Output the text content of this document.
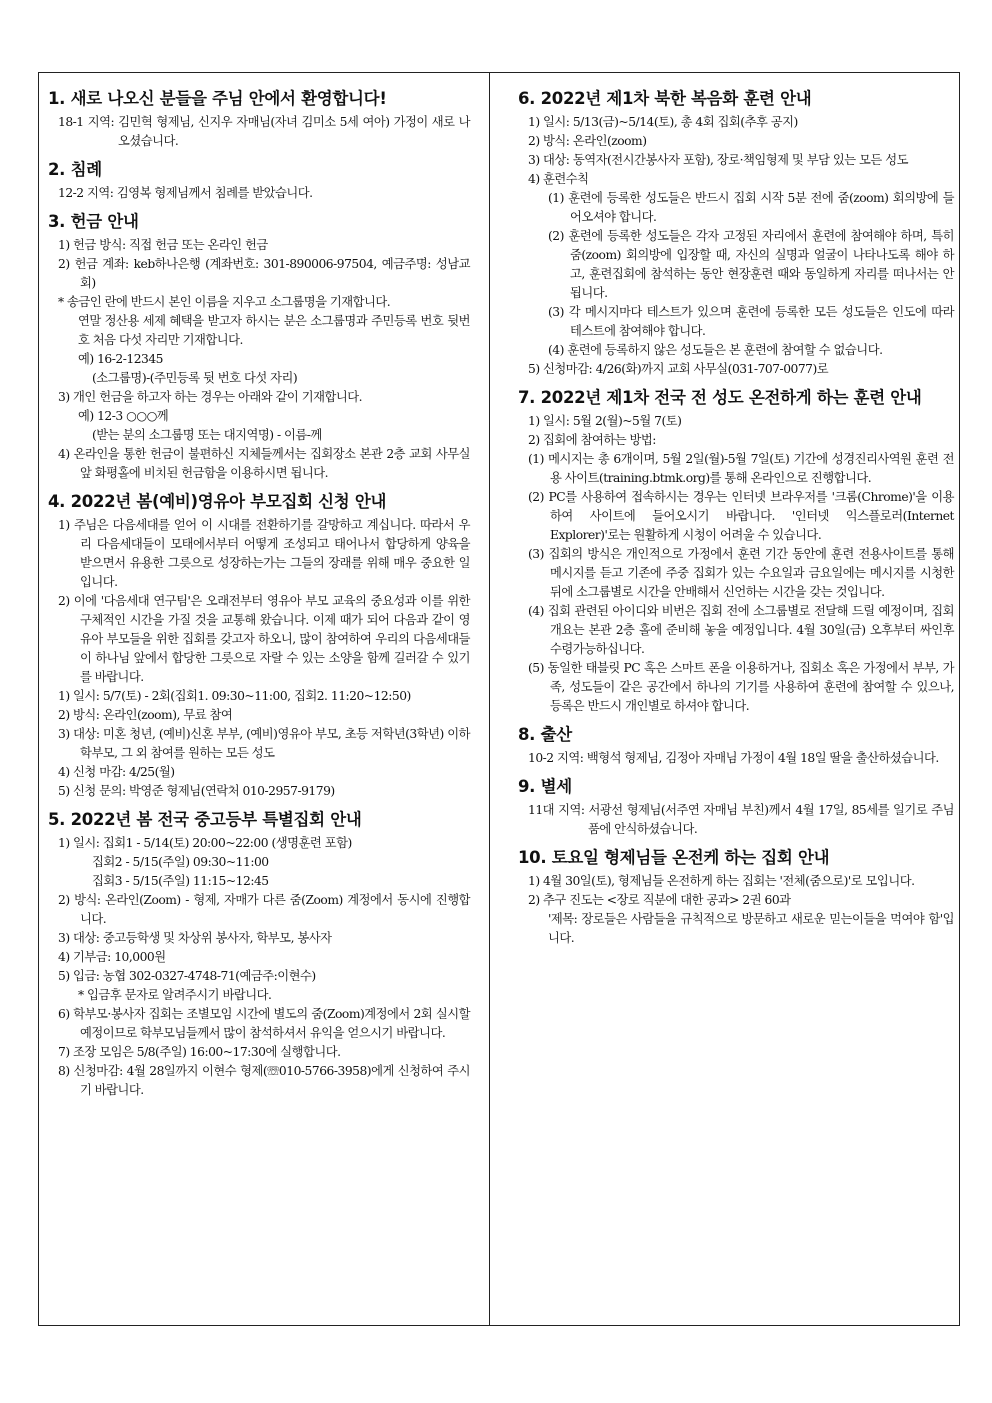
1. 새로 나오신 분들을 주님 안에서 환영합니다!

18-1 지역: 김민혁 형제님, 신지우 자매님(자녀 김미소 5세 여아) 가정이 새로 나오셨습니다.

2. 침례

12-2 지역: 김영복 형제님께서 침례를 받았습니다.

3. 헌금 안내

1) 헌금 방식: 직접 헌금 또는 온라인 헌금

2) 헌금 계좌: keb하나은행 (계좌번호: 301-890006-97504, 예금주명: 성남교회)

* 송금인 란에 반드시 본인 이름을 지우고 소그룹명을 기재합니다.

연말 정산용 세제 혜택을 받고자 하시는 분은 소그룹명과 주민등록 번호 뒷번호 처음 다섯 자리만 기재합니다.

예) 16-2-12345

(소그룹명)-(주민등록 뒷 번호 다섯 자리)

3) 개인 헌금을 하고자 하는 경우는 아래와 같이 기재합니다.

예) 12-3 ○○○께

(받는 분의 소그룹명 또는 대지역명) - 이름-께

4) 온라인을 통한 헌금이 불편하신 지체들께서는 집회장소 본관 2층 교회 사무실 앞 화평홀에 비치된 헌금함을 이용하시면 됩니다.

4. 2022년 봄(예비)영유아 부모집회 신청 안내

1) 주님은 다음세대를 얻어 이 시대를 전환하기를 갈망하고 계십니다. 따라서 우리 다음세대들이 모태에서부터 어떻게 조성되고 태어나서 합당하게 양육을 받으면서 유용한 그릇으로 성장하는가는 그들의 장래를 위해 매우 중요한 일입니다.

2) 이에 '다음세대 연구팀'은 오래전부터 영유아 부모 교육의 중요성과 이를 위한 구체적인 시간을 가질 것을 교통해 왔습니다. 이제 때가 되어 다음과 같이 영유아 부모들을 위한 집회를 갖고자 하오니, 많이 참여하여 우리의 다음세대들이 하나님 앞에서 합당한 그릇으로 자랄 수 있는 소양을 함께 길러갈 수 있기를 바랍니다.

1) 일시: 5/7(토) - 2회(집회1. 09:30~11:00, 집회2. 11:20~12:50)

2) 방식: 온라인(zoom), 무료 참여

3) 대상: 미혼 청년, (예비)신혼 부부, (예비)영유아 부모, 초등 저학년(3학년) 이하 학부모, 그 외 참여를 원하는 모든 성도

4) 신청 마감: 4/25(월)

5) 신청 문의: 박영준 형제님(연락처 010-2957-9179)

5. 2022년 봄 전국 중고등부 특별집회 안내

1) 일시: 집회1 - 5/14(토) 20:00~22:00 (생명훈련 포함)

집회2 - 5/15(주일) 09:30~11:00

집회3 - 5/15(주일) 11:15~12:45

2) 방식: 온라인(Zoom) - 형제, 자매가 다른 줌(Zoom) 계정에서 동시에 진행합니다.

3) 대상: 중고등학생 및 차상위 봉사자, 학부모, 봉사자

4) 기부금: 10,000원

5) 입금: 농협 302-0327-4748-71(예금주:이현수)

* 입금후 문자로 알려주시기 바랍니다.

6) 학부모·봉사자 집회는 조별모임 시간에 별도의 줌(Zoom)계정에서 2회 실시할 예정이므로 학부모님들께서 많이 참석하셔서 유익을 얻으시기 바랍니다.

7) 조장 모임은 5/8(주일) 16:00~17:30에 실행합니다.

8) 신청마감: 4월 28일까지 이현수 형제(☏010-5766-3958)에게 신청하여 주시기 바랍니다.

6. 2022년 제1차 북한 복음화 훈련 안내

1) 일시: 5/13(금)~5/14(토), 총 4회 집회(추후 공지)

2) 방식: 온라인(zoom)

3) 대상: 동역자(전시간봉사자 포함), 장로·책임형제 및 부담 있는 모든 성도

4) 훈련수칙

(1) 훈련에 등록한 성도들은 반드시 집회 시작 5분 전에 줌(zoom) 회의방에 들어오셔야 합니다.

(2) 훈련에 등록한 성도들은 각자 고정된 자리에서 훈련에 참여해야 하며, 특히 줌(zoom) 회의방에 입장할 때, 자신의 실명과 얼굴이 나타나도록 해야 하고, 훈련집회에 참석하는 동안 현장훈련 때와 동일하게 자리를 떠나서는 안 됩니다.

(3) 각 메시지마다 테스트가 있으며 훈련에 등록한 모든 성도들은 인도에 따라 테스트에 참여해야 합니다.

(4) 훈련에 등록하지 않은 성도들은 본 훈련에 참여할 수 없습니다.

5) 신청마감: 4/26(화)까지 교회 사무실(031-707-0077)로

7. 2022년 제1차 전국 전 성도 온전하게 하는 훈련 안내

1) 일시: 5월 2(월)~5월 7(토)

2) 집회에 참여하는 방법:

(1) 메시지는 총 6개이며, 5월 2일(월)-5월 7일(토) 기간에 성경진리사역원 훈련 전용 사이트(training.btmk.org)를 통해 온라인으로 진행합니다.

(2) PC를 사용하여 접속하시는 경우는 인터넷 브라우저를 '크롬(Chrome)'을 이용하여 사이트에 들어오시기 바랍니다. '인터넷 익스플로러(Internet Explorer)'로는 원활하게 시청이 어려울 수 있습니다.

(3) 집회의 방식은 개인적으로 가정에서 훈련 기간 동안에 훈련 전용사이트를 통해 메시지를 듣고 기존에 주중 집회가 있는 수요일과 금요일에는 메시지를 시청한 뒤에 소그룹별로 시간을 안배해서 신언하는 시간을 갖는 것입니다.

(4) 집회 관련된 아이디와 비번은 집회 전에 소그룹별로 전달해 드릴 예정이며, 집회 개요는 본관 2층 홀에 준비해 놓을 예정입니다. 4월 30일(금) 오후부터 싸인후 수령가능하십니다.

(5) 동일한 태블릿 PC 혹은 스마트 폰을 이용하거나, 집회소 혹은 가정에서 부부, 가족, 성도들이 같은 공간에서 하나의 기기를 사용하여 훈련에 참여할 수 있으나, 등록은 반드시 개인별로 하셔야 합니다.

8. 출산

10-2 지역: 백형석 형제님, 김정아 자매님 가정이 4월 18일 딸을 출산하셨습니다.

9. 별세

11대 지역: 서광선 형제님(서주연 자매님 부친)께서 4월 17일, 85세를 일기로 주님 품에 안식하셨습니다.

10. 토요일 형제님들 온전케 하는 집회 안내

1) 4월 30일(토), 형제님들 온전하게 하는 집회는 '전체(줌으로)'로 모입니다.

2) 추구 진도는 <장로 직분에 대한 공과> 2권 60과

'제목: 장로들은 사람들을 규칙적으로 방문하고 새로운 믿는이들을 먹여야 함'입니다.
